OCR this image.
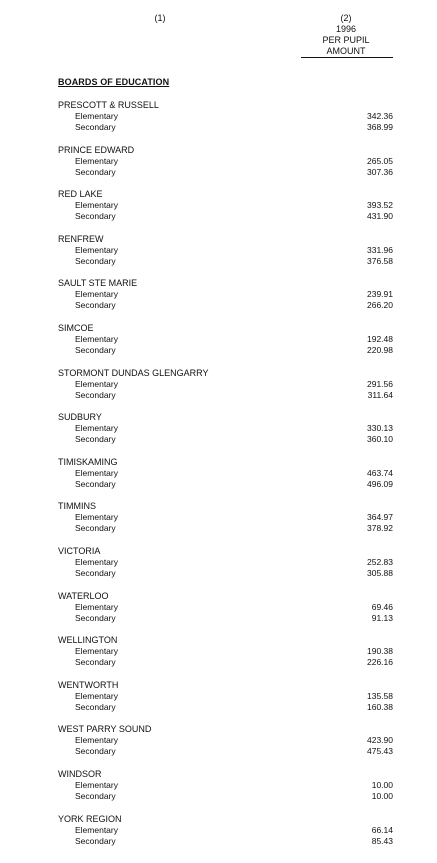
(1)	(2)
1996
PER PUPIL
AMOUNT
BOARDS OF EDUCATION
PRESCOTT & RUSSELL
Elementary	342.36
Secondary	368.99
PRINCE EDWARD
Elementary	265.05
Secondary	307.36
RED LAKE
Elementary	393.52
Secondary	431.90
RENFREW
Elementary	331.96
Secondary	376.58
SAULT STE MARIE
Elementary	239.91
Secondary	266.20
SIMCOE
Elementary	192.48
Secondary	220.98
STORMONT DUNDAS GLENGARRY
Elementary	291.56
Secondary	311.64
SUDBURY
Elementary	330.13
Secondary	360.10
TIMISKAMING
Elementary	463.74
Secondary	496.09
TIMMINS
Elementary	364.97
Secondary	378.92
VICTORIA
Elementary	252.83
Secondary	305.88
WATERLOO
Elementary	69.46
Secondary	91.13
WELLINGTON
Elementary	190.38
Secondary	226.16
WENTWORTH
Elementary	135.58
Secondary	160.38
WEST PARRY SOUND
Elementary	423.90
Secondary	475.43
WINDSOR
Elementary	10.00
Secondary	10.00
YORK REGION
Elementary	66.14
Secondary	85.43
